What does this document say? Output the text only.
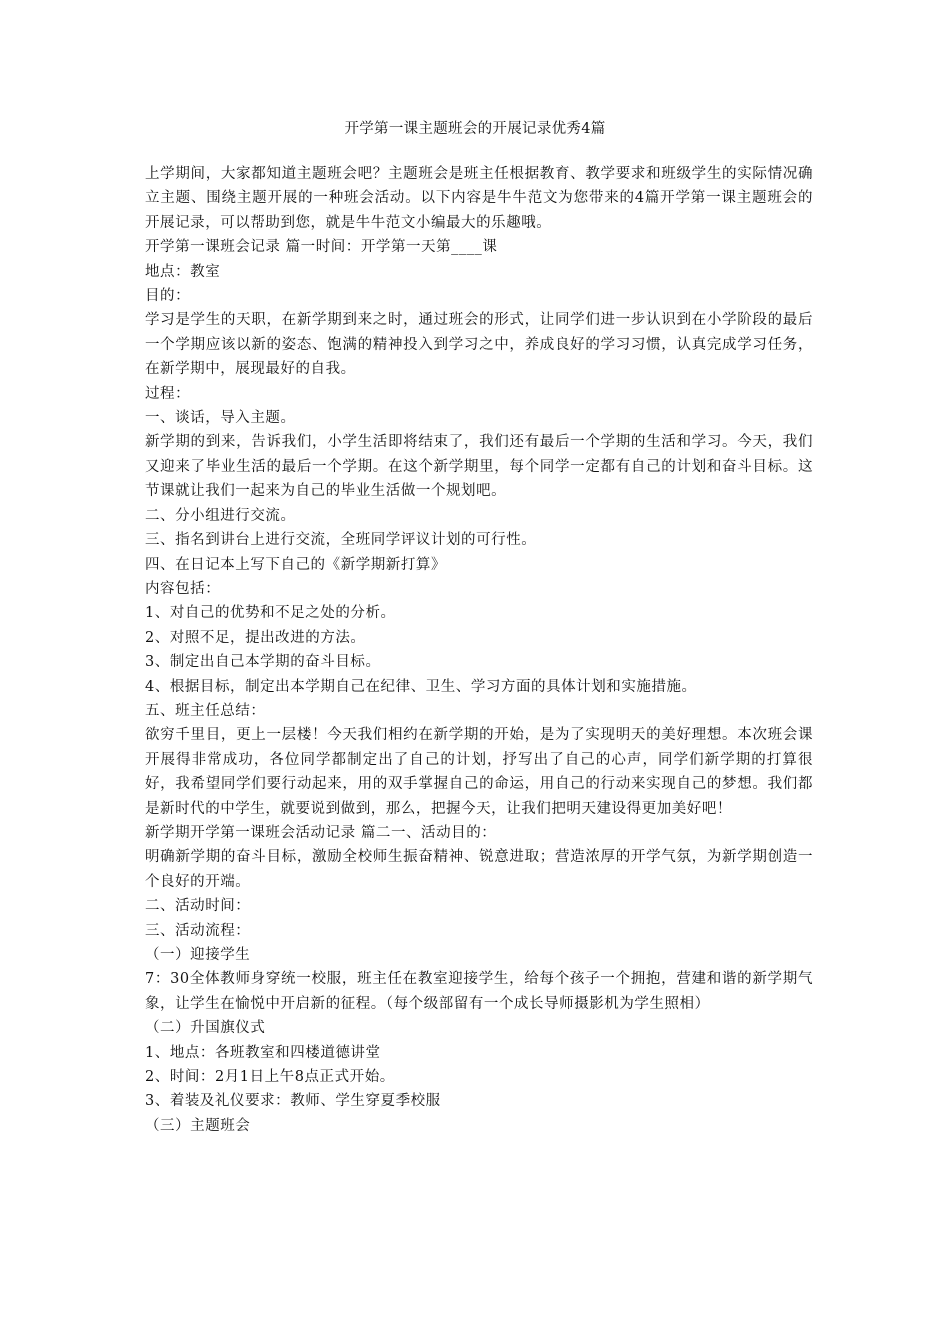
开学第一课主题班会的开展记录优秀4篇

上学期间，大家都知道主题班会吧？主题班会是班主任根据教育、教学要求和班级学生的实际情况确立主题、围绕主题开展的一种班会活动。以下内容是牛牛范文为您带来的4篇开学第一课主题班会的开展记录，可以帮助到您，就是牛牛范文小编最大的乐趣哦。

开学第一课班会记录 篇一时间：开学第一天第____课

地点：教室

目的：

学习是学生的天职，在新学期到来之时，通过班会的形式，让同学们进一步认识到在小学阶段的最后一个学期应该以新的姿态、饱满的精神投入到学习之中，养成良好的学习习惯，认真完成学习任务，在新学期中，展现最好的自我。

过程：

一、谈话，导入主题。

新学期的到来，告诉我们，小学生活即将结束了，我们还有最后一个学期的生活和学习。今天，我们又迎来了毕业生活的最后一个学期。在这个新学期里，每个同学一定都有自己的计划和奋斗目标。这节课就让我们一起来为自己的毕业生活做一个规划吧。

二、分小组进行交流。

三、指名到讲台上进行交流，全班同学评议计划的可行性。

四、在日记本上写下自己的《新学期新打算》

内容包括：

1、对自己的优势和不足之处的分析。

2、对照不足，提出改进的方法。

3、制定出自己本学期的奋斗目标。

4、根据目标，制定出本学期自己在纪律、卫生、学习方面的具体计划和实施措施。

五、班主任总结：

欲穷千里目，更上一层楼！今天我们相约在新学期的开始，是为了实现明天的美好理想。本次班会课开展得非常成功，各位同学都制定出了自己的计划，抒写出了自己的心声，同学们新学期的打算很好，我希望同学们要行动起来，用的双手掌握自己的命运，用自己的行动来实现自己的梦想。我们都是新时代的中学生，就要说到做到，那么，把握今天，让我们把明天建设得更加美好吧！

新学期开学第一课班会活动记录 篇二一、活动目的：

明确新学期的奋斗目标，激励全校师生振奋精神、锐意进取；营造浓厚的开学气氛，为新学期创造一个良好的开端。

二、活动时间：

三、活动流程：

（一）迎接学生

7：30全体教师身穿统一校服，班主任在教室迎接学生，给每个孩子一个拥抱，营建和谐的新学期气象，让学生在愉悦中开启新的征程。（每个级部留有一个成长导师摄影机为学生照相）

（二）升国旗仪式

1、地点：各班教室和四楼道德讲堂

2、时间：2月1日上午8点正式开始。

3、着装及礼仪要求：教师、学生穿夏季校服

（三）主题班会
